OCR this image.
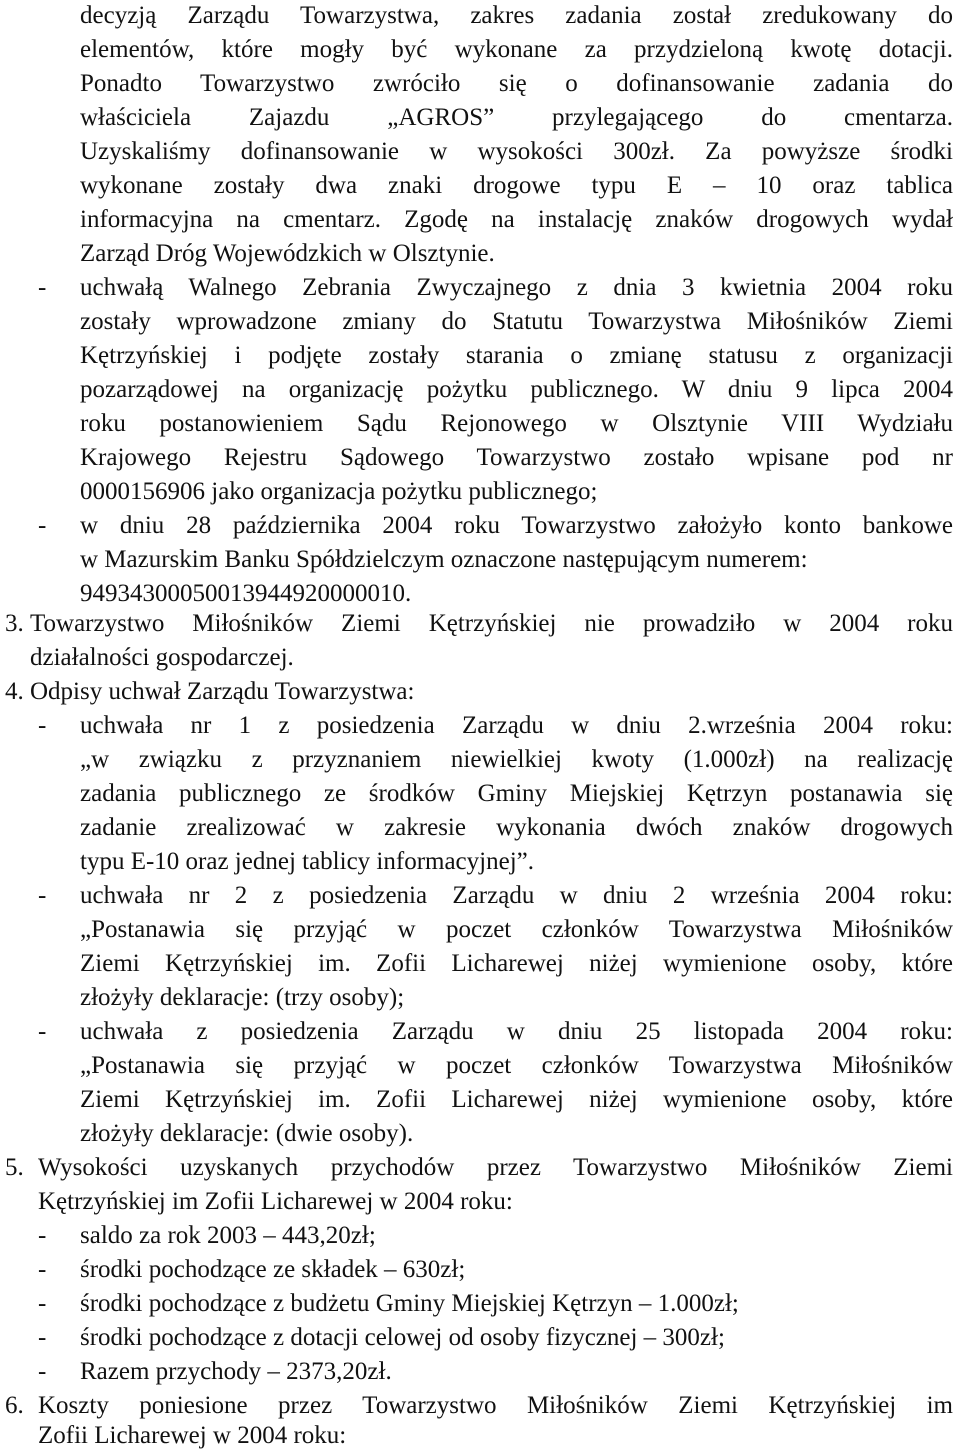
decyzją Zarządu Towarzystwa, zakres zadania został zredukowany do
elementów, które mogły być wykonane za przydzieloną kwotę dotacji.
Ponadto Towarzystwo zwróciło się o dofinansowanie zadania do
właściciela Zajazdu „AGROS” przylegającego do cmentarza.
Uzyskaliśmy dofinansowanie w wysokości 300zł. Za powyższe środki
wykonane zostały dwa znaki drogowe typu E – 10 oraz tablica
informacyjna na cmentarz. Zgodę na instalację znaków drogowych wydał
Zarząd Dróg Wojewódzkich w Olsztynie.
- uchwałą Walnego Zebrania Zwyczajnego z dnia 3 kwietnia 2004 roku
zostały wprowadzone zmiany do Statutu Towarzystwa Miłośników Ziemi
Kętrzyńskiej i podjęte zostały starania o zmianę statusu z organizacji
pozarządowej na organizację pożytku publicznego. W dniu 9 lipca 2004
roku postanowieniem Sądu Rejonowego w Olsztynie VIII Wydziału
Krajowego Rejestru Sądowego Towarzystwo zostało wpisane pod nr
0000156906 jako organizacja pożytku publicznego;
- w dniu 28 października 2004 roku Towarzystwo założyło konto bankowe
w Mazurskim Banku Spółdzielczym oznaczone następującym numerem:
94934300050013944920000010.
3. Towarzystwo Miłośników Ziemi Kętrzyńskiej nie prowadziło w 2004 roku
działalności gospodarczej.
4. Odpisy uchwał Zarządu Towarzystwa:
- uchwała nr 1 z posiedzenia Zarządu w dniu 2.września 2004 roku:
„w związku z przyznaniem niewielkiej kwoty (1.000zł) na realizację
zadania publicznego ze środków Gminy Miejskiej Kętrzyn postanawia się
zadanie zrealizować w zakresie wykonania dwóch znaków drogowych
typu E-10 oraz jednej tablicy informacyjnej”.
- uchwała nr 2 z posiedzenia Zarządu w dniu 2 września 2004 roku:
„Postanawia się przyjąć w poczet członków Towarzystwa Miłośników
Ziemi Kętrzyńskiej im. Zofii Licharewej niżej wymienione osoby, które
złożyły deklaracje: (trzy osoby);
- uchwała z posiedzenia Zarządu w dniu 25 listopada 2004 roku:
„Postanawia się przyjąć w poczet członków Towarzystwa Miłośników
Ziemi Kętrzyńskiej im. Zofii Licharewej niżej wymienione osoby, które
złożyły deklaracje: (dwie osoby).
5. Wysokości uzyskanych przychodów przez Towarzystwo Miłośników Ziemi
Kętrzyńskiej im Zofii Licharewej w 2004 roku:
- saldo za rok 2003 – 443,20zł;
- środki pochodzące ze składek – 630zł;
- środki pochodzące z budżetu Gminy Miejskiej Kętrzyn – 1.000zł;
- środki pochodzące z dotacji celowej od osoby fizycznej – 300zł;
- Razem przychody – 2373,20zł.
6. Koszty poniesione przez Towarzystwo Miłośników Ziemi Kętrzyńskiej im
Zofii Licharewej w 2004 roku:
